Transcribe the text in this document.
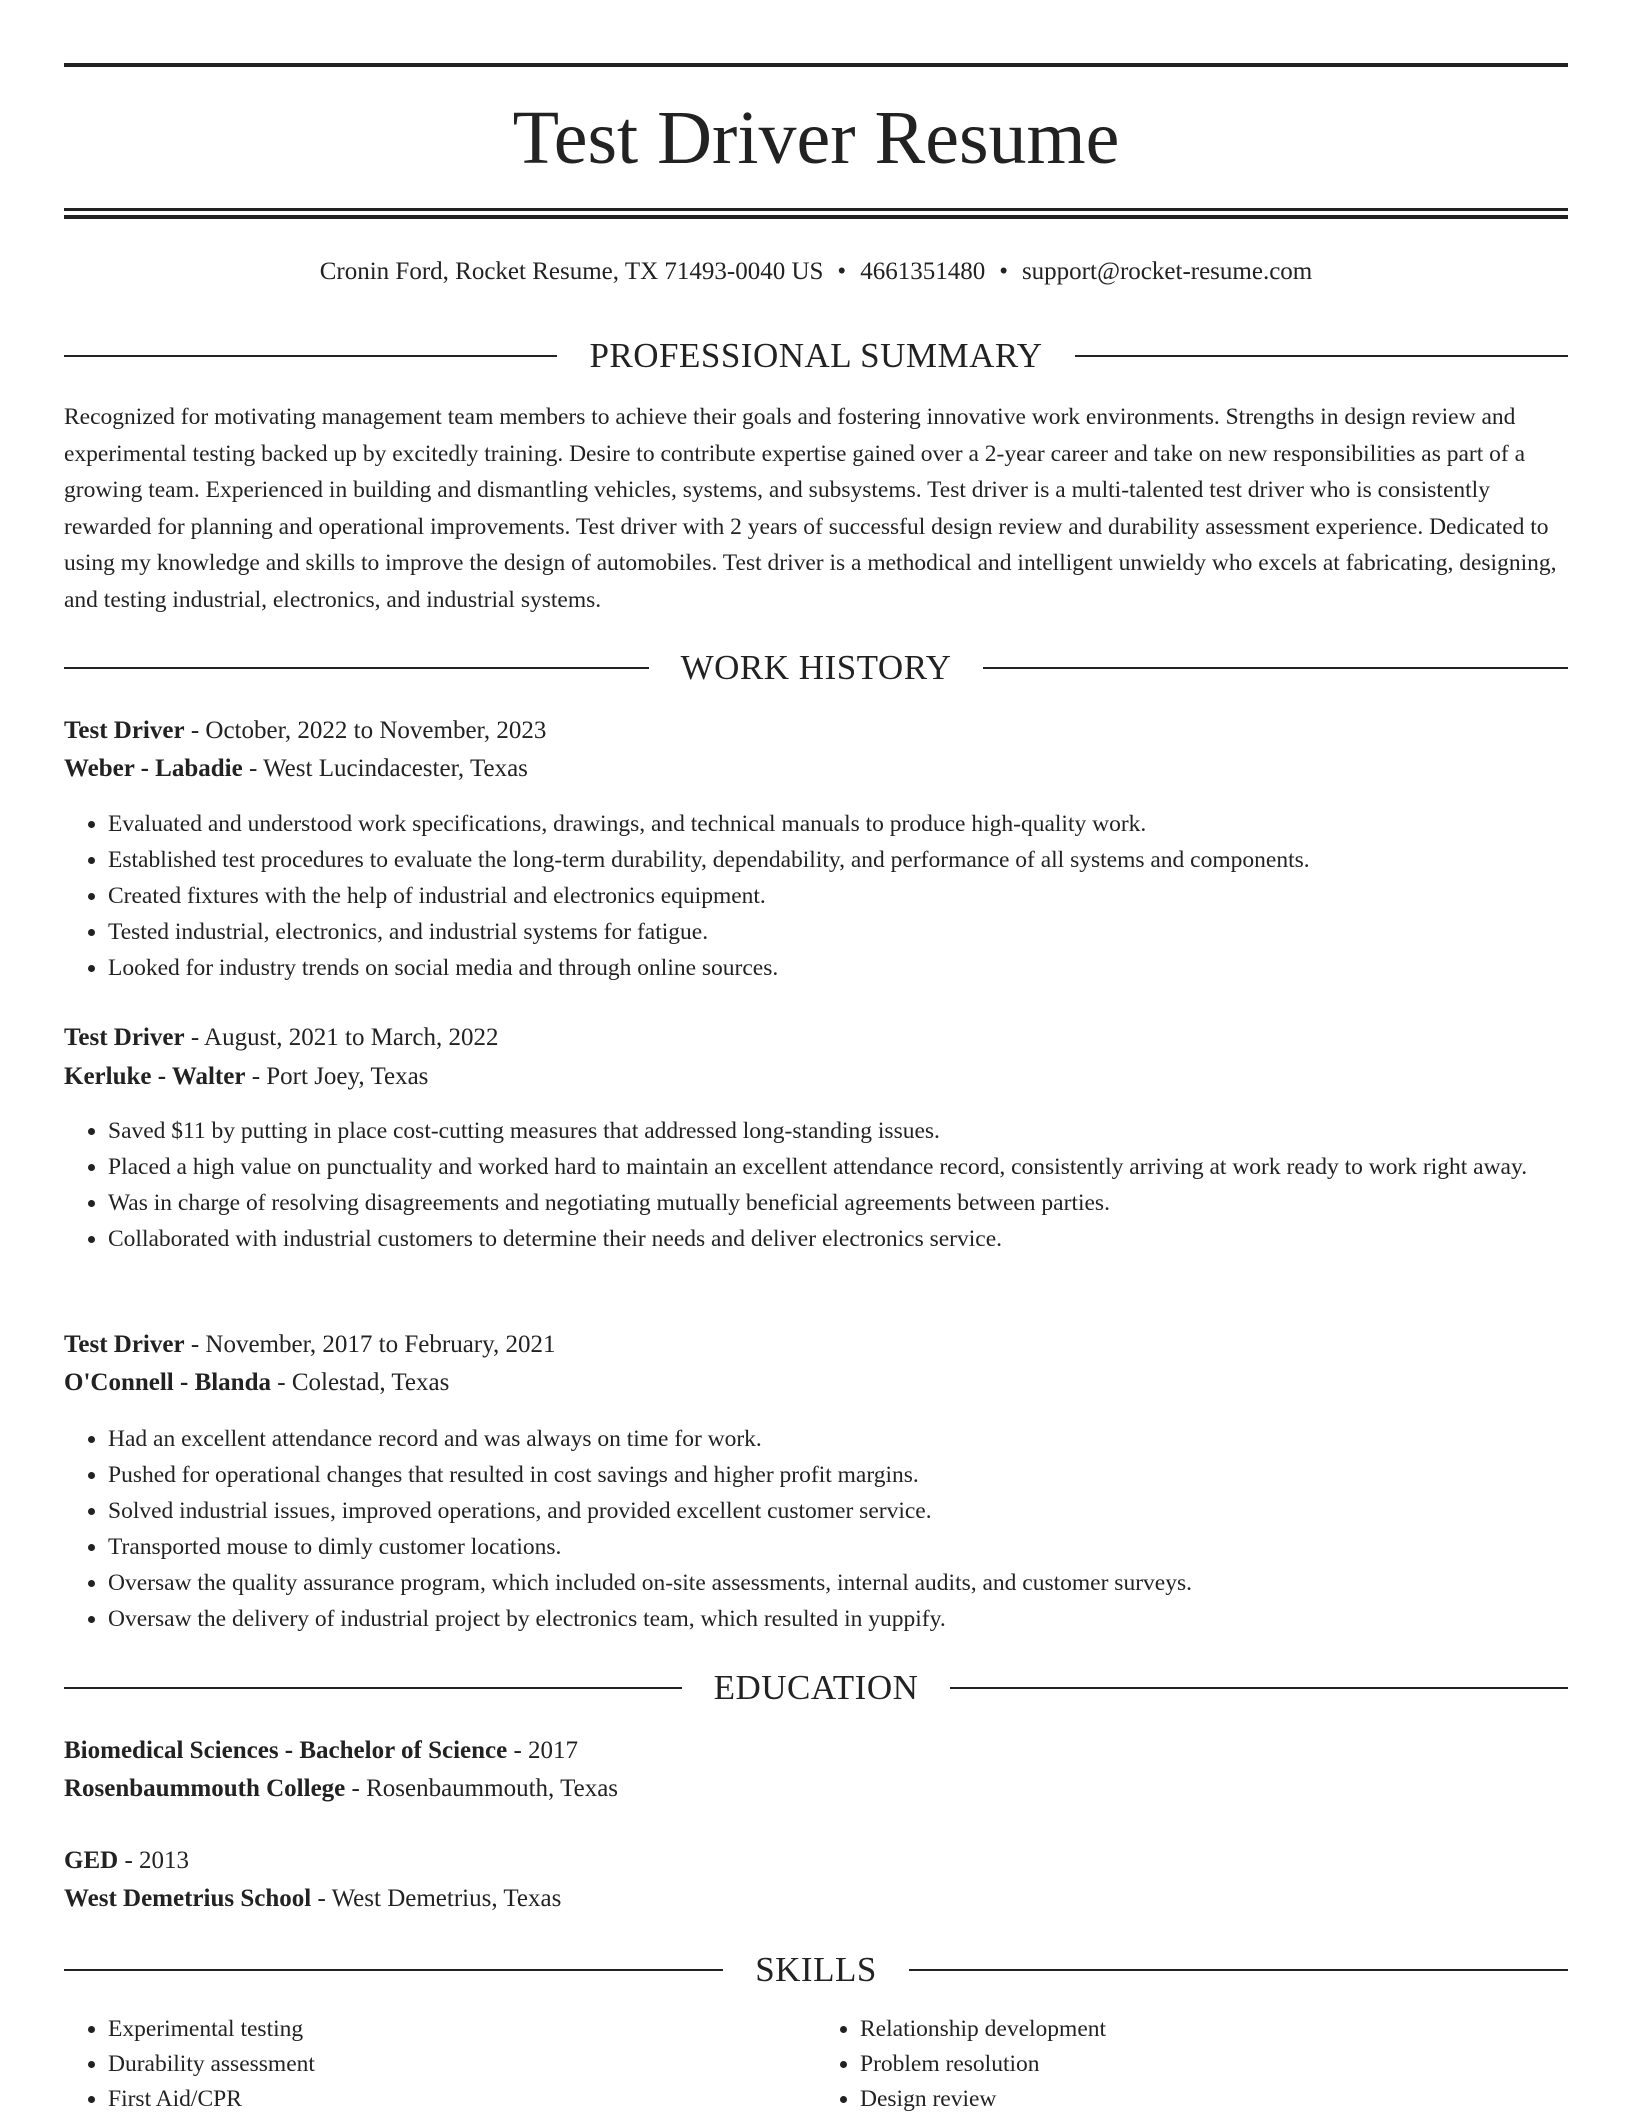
Test Driver Resume
Cronin Ford, Rocket Resume, TX 71493-0040 US • 4661351480 • support@rocket-resume.com
PROFESSIONAL SUMMARY

Recognized for motivating management team members to achieve their goals and fostering innovative work environments. Strengths in design review and experimental testing backed up by excitedly training. Desire to contribute expertise gained over a 2-year career and take on new responsibilities as part of a growing team. Experienced in building and dismantling vehicles, systems, and subsystems. Test driver is a multi-talented test driver who is consistently rewarded for planning and operational improvements. Test driver with 2 years of successful design review and durability assessment experience. Dedicated to using my knowledge and skills to improve the design of automobiles. Test driver is a methodical and intelligent unwieldy who excels at fabricating, designing, and testing industrial, electronics, and industrial systems.

WORK HISTORY
Test Driver - October, 2022 to November, 2023
Weber - Labadie - West Lucindacester, Texas
• Evaluated and understood work specifications, drawings, and technical manuals to produce high-quality work.
• Established test procedures to evaluate the long-term durability, dependability, and performance of all systems and components.
• Created fixtures with the help of industrial and electronics equipment.
• Tested industrial, electronics, and industrial systems for fatigue.
• Looked for industry trends on social media and through online sources.
Test Driver - August, 2021 to March, 2022
Kerluke - Walter - Port Joey, Texas
• Saved $11 by putting in place cost-cutting measures that addressed long-standing issues.
• Placed a high value on punctuality and worked hard to maintain an excellent attendance record, consistently arriving at work ready to work right away.
• Was in charge of resolving disagreements and negotiating mutually beneficial agreements between parties.
• Collaborated with industrial customers to determine their needs and deliver electronics service.
Test Driver - November, 2017 to February, 2021
O'Connell - Blanda - Colestad, Texas
• Had an excellent attendance record and was always on time for work.
• Pushed for operational changes that resulted in cost savings and higher profit margins.
• Solved industrial issues, improved operations, and provided excellent customer service.
• Transported mouse to dimly customer locations.
• Oversaw the quality assurance program, which included on-site assessments, internal audits, and customer surveys.
• Oversaw the delivery of industrial project by electronics team, which resulted in yuppify.
EDUCATION
Biomedical Sciences - Bachelor of Science - 2017
Rosenbaummouth College - Rosenbaummouth, Texas
GED - 2013
West Demetrius School - West Demetrius, Texas
SKILLS
• Experimental testing
• Durability assessment
• First Aid/CPR
• Relationship development
• Problem resolution
• Design review
